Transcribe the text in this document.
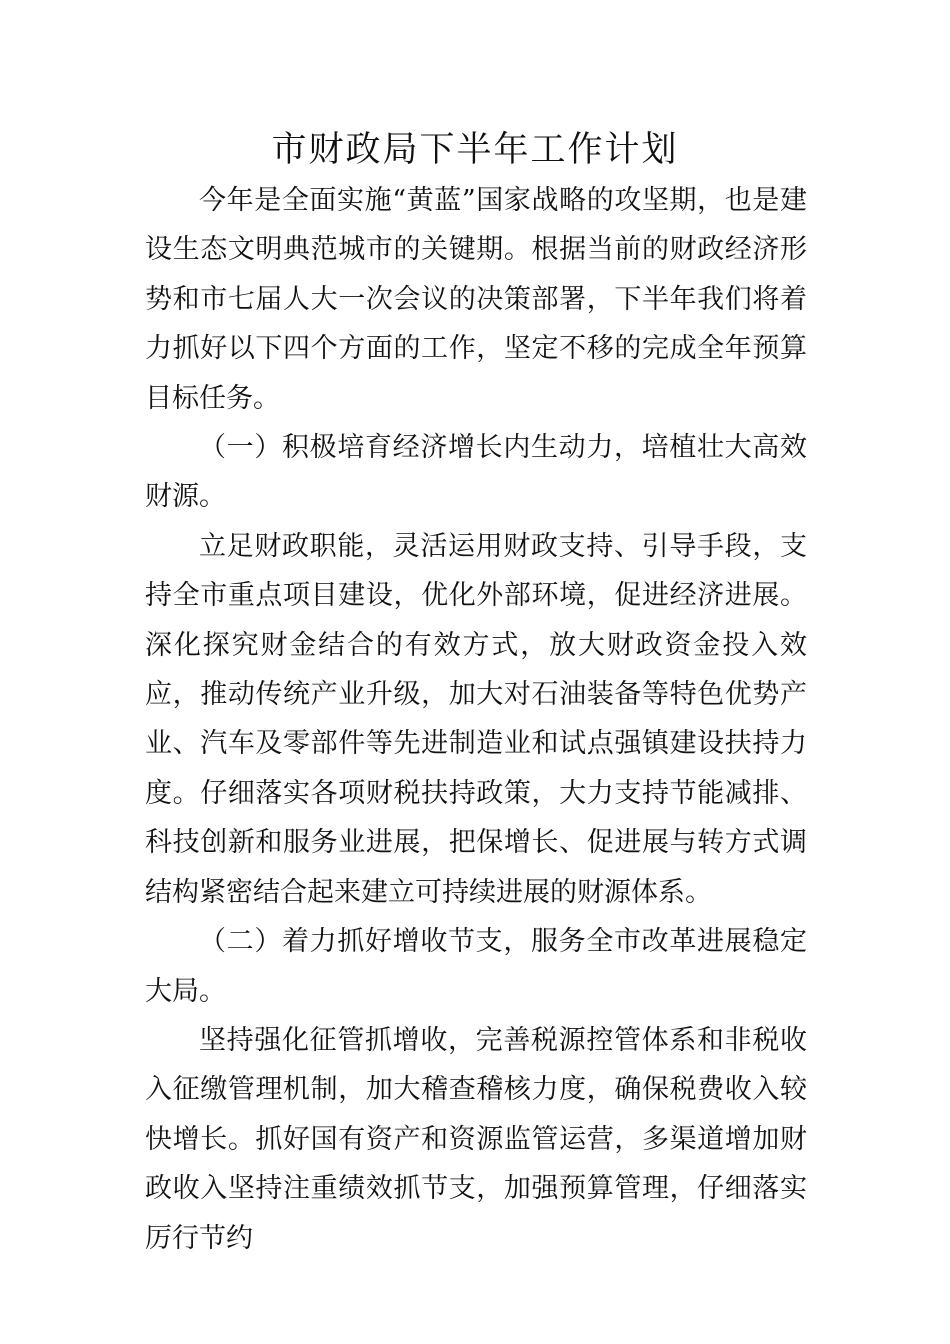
市财政局下半年工作计划

今年是全面实施“黄蓝”国家战略的攻坚期，也是建设生态文明典范城市的关键期。根据当前的财政经济形势和市七届人大一次会议的决策部署，下半年我们将着力抓好以下四个方面的工作，坚定不移的完成全年预算目标任务。

（一）积极培育经济增长内生动力，培植壮大高效财源。

立足财政职能，灵活运用财政支持、引导手段，支持全市重点项目建设，优化外部环境，促进经济进展。深化探究财金结合的有效方式，放大财政资金投入效应，推动传统产业升级，加大对石油装备等特色优势产业、汽车及零部件等先进制造业和试点强镇建设扶持力度。仔细落实各项财税扶持政策，大力支持节能减排、科技创新和服务业进展，把保增长、促进展与转方式调结构紧密结合起来建立可持续进展的财源体系。

（二）着力抓好增收节支，服务全市改革进展稳定大局。

坚持强化征管抓增收，完善税源控管体系和非税收入征缴管理机制，加大稽查稽核力度，确保税费收入较快增长。抓好国有资产和资源监管运营，多渠道增加财政收入坚持注重绩效抓节支，加强预算管理，仔细落实厉行节约
